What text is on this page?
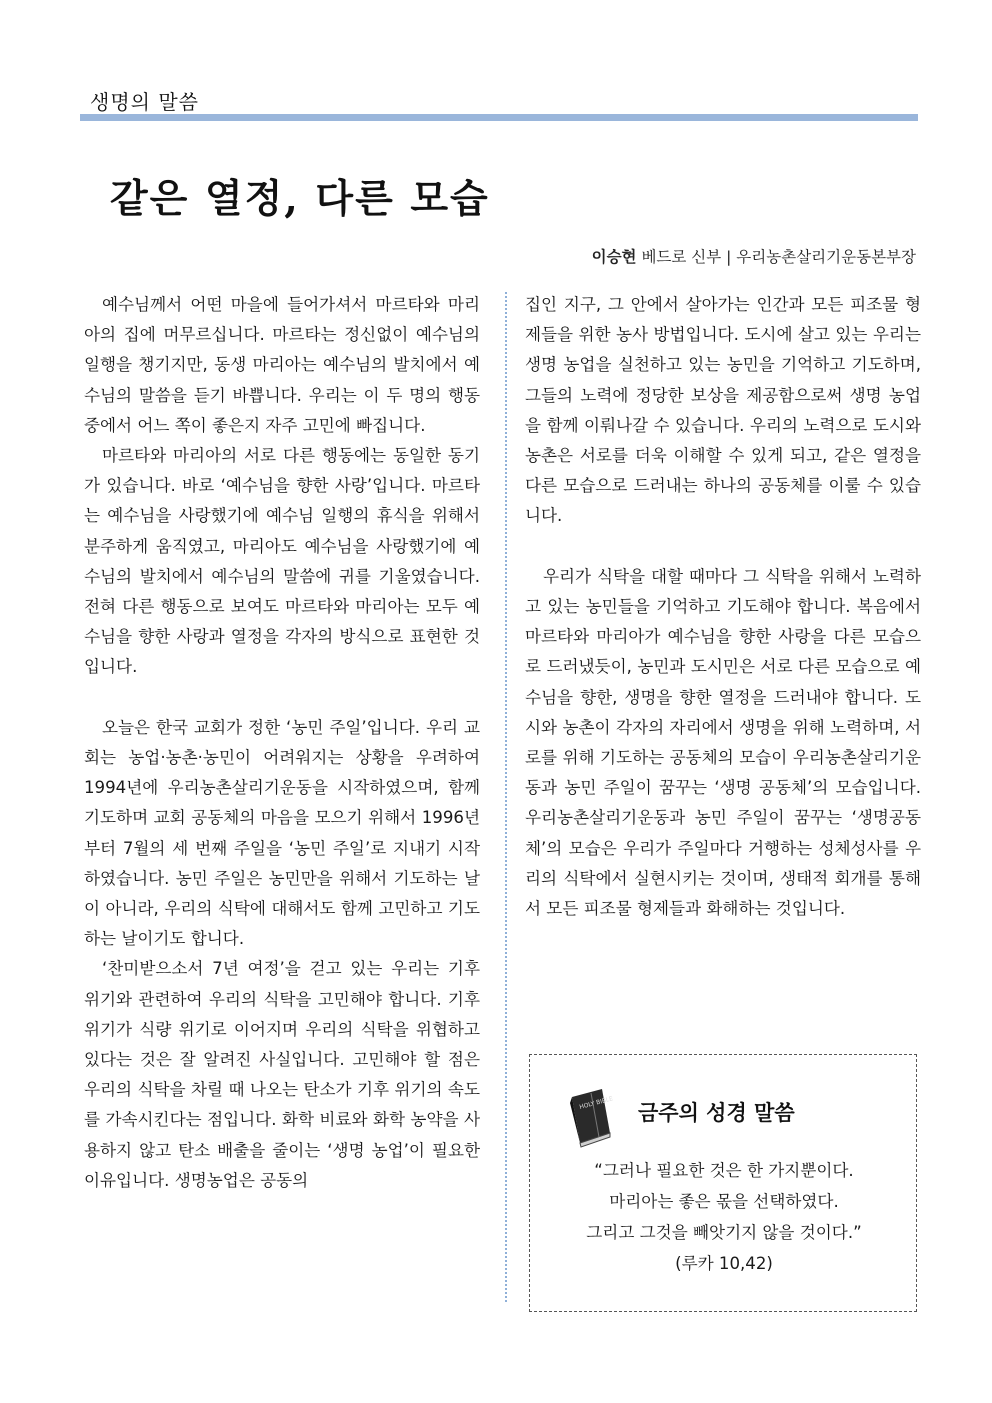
생명의 말씀
같은 열정, 다른 모습
이승현 베드로 신부 | 우리농촌살리기운동본부장

예수님께서 어떤 마을에 들어가셔서 마르타와 마리아의 집에 머무르십니다. 마르타는 정신없이 예수님의 일행을 챙기지만, 동생 마리아는 예수님의 발치에서 예수님의 말씀을 듣기 바쁩니다. 우리는 이 두 명의 행동 중에서 어느 쪽이 좋은지 자주 고민에 빠집니다.

마르타와 마리아의 서로 다른 행동에는 동일한 동기가 있습니다. 바로 ‘예수님을 향한 사랑’입니다. 마르타는 예수님을 사랑했기에 예수님 일행의 휴식을 위해서 분주하게 움직였고, 마리아도 예수님을 사랑했기에 예수님의 발치에서 예수님의 말씀에 귀를 기울였습니다. 전혀 다른 행동으로 보여도 마르타와 마리아는 모두 예수님을 향한 사랑과 열정을 각자의 방식으로 표현한 것입니다.

오늘은 한국 교회가 정한 ‘농민 주일’입니다. 우리 교회는 농업·농촌·농민이 어려워지는 상황을 우려하여 1994년에 우리농촌살리기운동을 시작하였으며, 함께 기도하며 교회 공동체의 마음을 모으기 위해서 1996년부터 7월의 세 번째 주일을 ‘농민 주일’로 지내기 시작하였습니다. 농민 주일은 농민만을 위해서 기도하는 날이 아니라, 우리의 식탁에 대해서도 함께 고민하고 기도하는 날이기도 합니다.

‘찬미받으소서 7년 여정’을 걷고 있는 우리는 기후 위기와 관련하여 우리의 식탁을 고민해야 합니다. 기후 위기가 식량 위기로 이어지며 우리의 식탁을 위협하고 있다는 것은 잘 알려진 사실입니다. 고민해야 할 점은 우리의 식탁을 차릴 때 나오는 탄소가 기후 위기의 속도를 가속시킨다는 점입니다. 화학 비료와 화학 농약을 사용하지 않고 탄소 배출을 줄이는 ‘생명 농업’이 필요한 이유입니다. 생명농업은 공동의

집인 지구, 그 안에서 살아가는 인간과 모든 피조물 형제들을 위한 농사 방법입니다. 도시에 살고 있는 우리는 생명 농업을 실천하고 있는 농민을 기억하고 기도하며, 그들의 노력에 정당한 보상을 제공함으로써 생명 농업을 함께 이뤄나갈 수 있습니다. 우리의 노력으로 도시와 농촌은 서로를 더욱 이해할 수 있게 되고, 같은 열정을 다른 모습으로 드러내는 하나의 공동체를 이룰 수 있습니다.

우리가 식탁을 대할 때마다 그 식탁을 위해서 노력하고 있는 농민들을 기억하고 기도해야 합니다. 복음에서 마르타와 마리아가 예수님을 향한 사랑을 다른 모습으로 드러냈듯이, 농민과 도시민은 서로 다른 모습으로 예수님을 향한, 생명을 향한 열정을 드러내야 합니다. 도시와 농촌이 각자의 자리에서 생명을 위해 노력하며, 서로를 위해 기도하는 공동체의 모습이 우리농촌살리기운동과 농민 주일이 꿈꾸는 ‘생명 공동체’의 모습입니다. 우리농촌살리기운동과 농민 주일이 꿈꾸는 ‘생명공동체’의 모습은 우리가 주일마다 거행하는 성체성사를 우리의 식탁에서 실현시키는 것이며, 생태적 회개를 통해서 모든 피조물 형제들과 화해하는 것입니다.

HOLY BIBLE 금주의 성경 말씀
“그러나 필요한 것은 한 가지뿐이다.
마리아는 좋은 몫을 선택하였다.
그리고 그것을 빼앗기지 않을 것이다.”
(루카 10,42)
